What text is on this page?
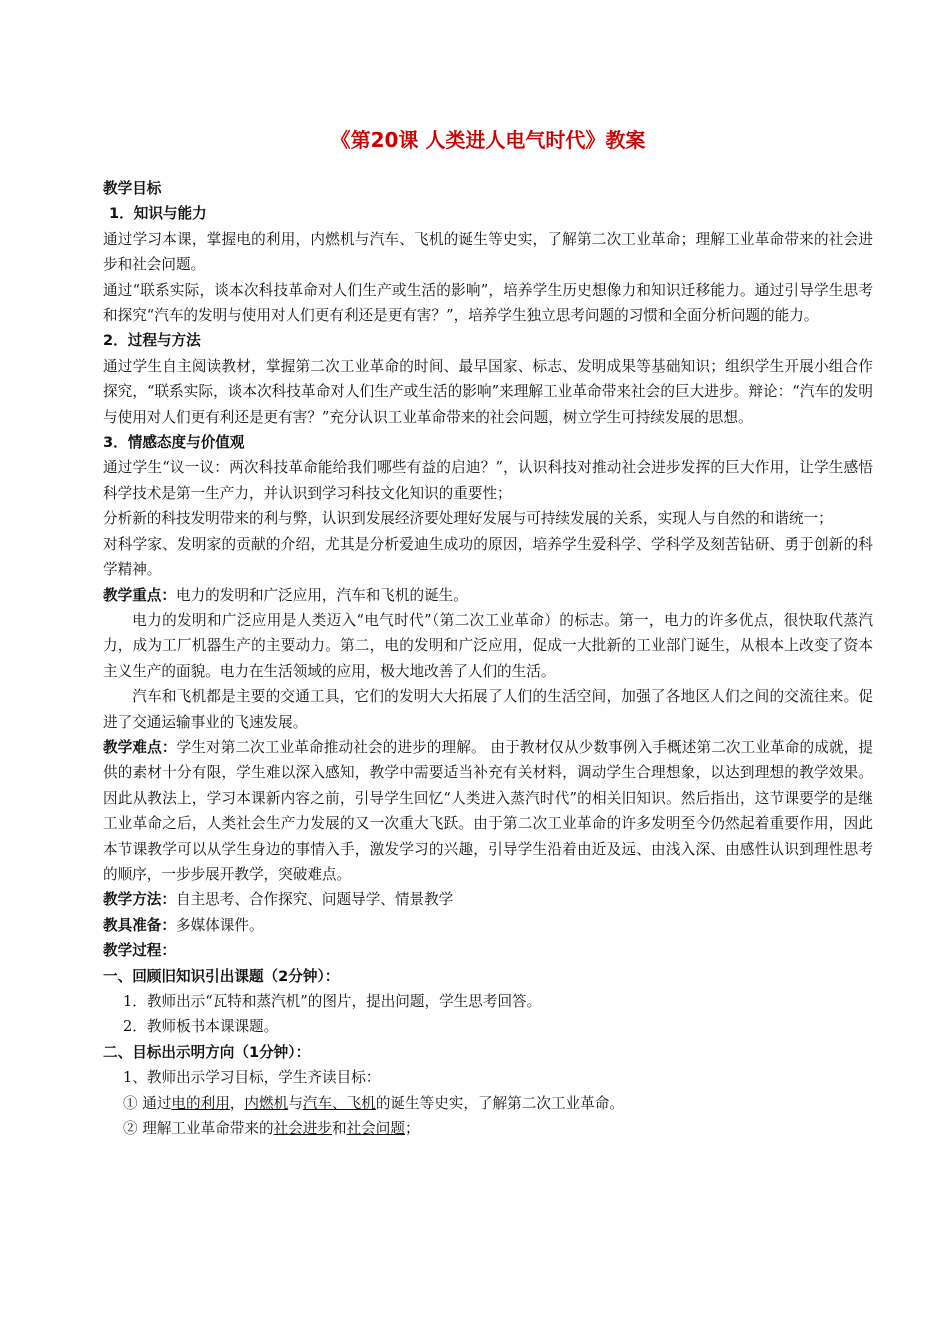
《第20课 人类进人电气时代》教案

教学目标

1．知识与能力

通过学习本课，掌握电的利用，内燃机与汽车、飞机的诞生等史实，了解第二次工业革命；理解工业革命带来的社会进步和社会问题。

通过“联系实际，谈本次科技革命对人们生产或生活的影响”，培养学生历史想像力和知识迁移能力。通过引导学生思考和探究“汽车的发明与使用对人们更有利还是更有害？”，培养学生独立思考问题的习惯和全面分析问题的能力。

2．过程与方法

通过学生自主阅读教材，掌握第二次工业革命的时间、最早国家、标志、发明成果等基础知识；组织学生开展小组合作探究，“联系实际，谈本次科技革命对人们生产或生活的影响”来理解工业革命带来社会的巨大进步。辩论：“汽车的发明与使用对人们更有利还是更有害？”充分认识工业革命带来的社会问题，树立学生可持续发展的思想。

3．情感态度与价值观

通过学生“议一议：两次科技革命能给我们哪些有益的启迪？”，认识科技对推动社会进步发挥的巨大作用，让学生感悟科学技术是第一生产力，并认识到学习科技文化知识的重要性；

分析新的科技发明带来的利与弊，认识到发展经济要处理好发展与可持续发展的关系，实现人与自然的和谐统一；

对科学家、发明家的贡献的介绍，尤其是分析爱迪生成功的原因，培养学生爱科学、学科学及刻苦钻研、勇于创新的科学精神。

教学重点：电力的发明和广泛应用，汽车和飞机的诞生。

电力的发明和广泛应用是人类迈入“电气时代”（第二次工业革命）的标志。第一，电力的许多优点，很快取代蒸汽力，成为工厂机器生产的主要动力。第二，电的发明和广泛应用，促成一大批新的工业部门诞生，从根本上改变了资本主义生产的面貌。电力在生活领域的应用，极大地改善了人们的生活。

汽车和飞机都是主要的交通工具，它们的发明大大拓展了人们的生活空间，加强了各地区人们之间的交流往来。促进了交通运输事业的飞速发展。

教学难点：学生对第二次工业革命推动社会的进步的理解。 由于教材仅从少数事例入手概述第二次工业革命的成就，提供的素材十分有限，学生难以深入感知，教学中需要适当补充有关材料，调动学生合理想象，以达到理想的教学效果。因此从教法上，学习本课新内容之前，引导学生回忆“人类进入蒸汽时代”的相关旧知识。然后指出，这节课要学的是继工业革命之后，人类社会生产力发展的又一次重大飞跃。由于第二次工业革命的许多发明至今仍然起着重要作用，因此本节课教学可以从学生身边的事情入手，激发学习的兴趣，引导学生沿着由近及远、由浅入深、由感性认识到理性思考的顺序，一步步展开教学，突破难点。

教学方法：自主思考、合作探究、问题导学、情景教学

教具准备：多媒体课件。

教学过程：

一、回顾旧知识引出课题（2分钟）：

1．教师出示“瓦特和蒸汽机”的图片，提出问题，学生思考回答。

2．教师板书本课课题。

二、目标出示明方向（1分钟）：

1、教师出示学习目标，学生齐读目标：

① 通过电的利用，内燃机与汽车、飞机的诞生等史实，了解第二次工业革命。

② 理解工业革命带来的社会进步和社会问题；
